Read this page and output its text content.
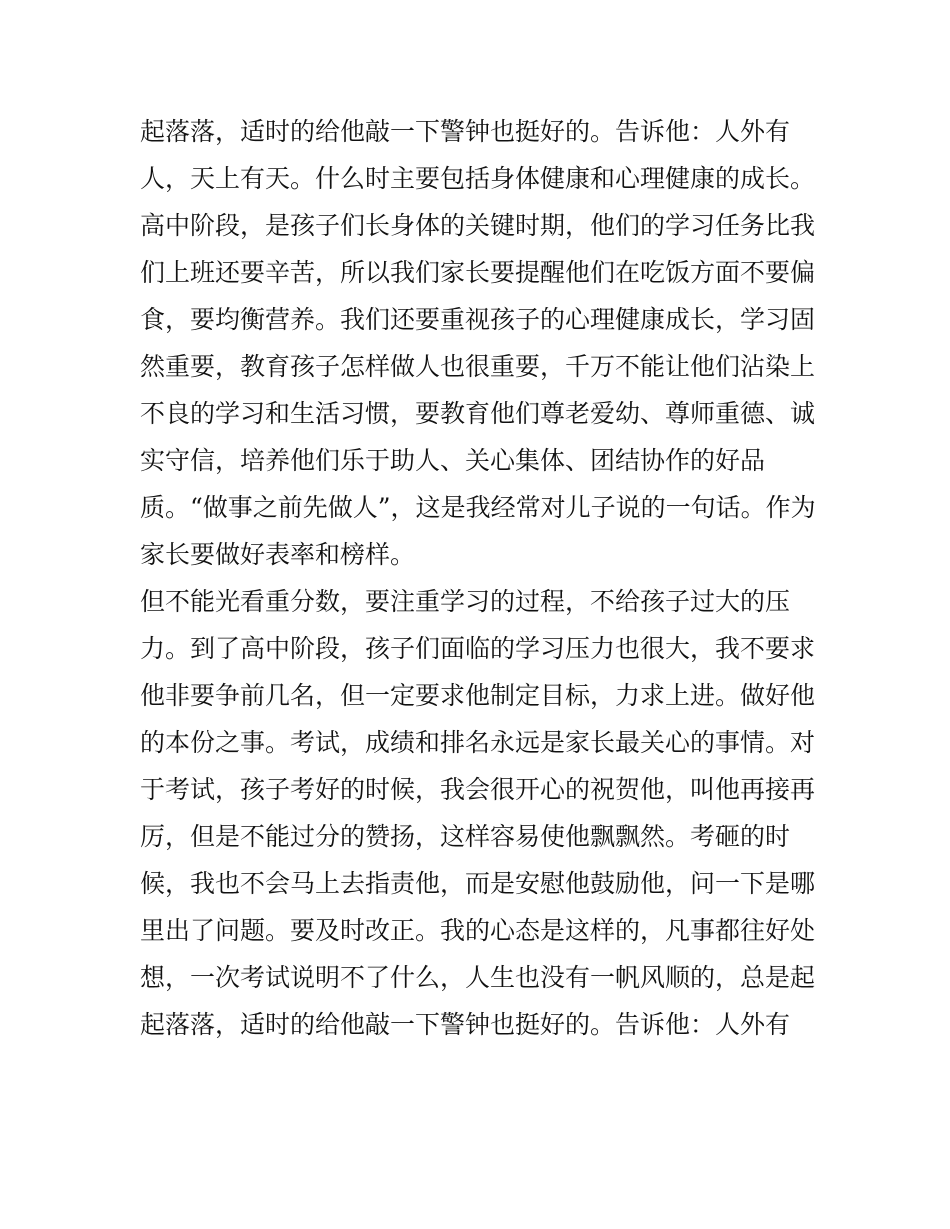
起落落，适时的给他敲一下警钟也挺好的。告诉他：人外有
人，天上有天。什么时主要包括身体健康和心理健康的成长。
高中阶段，是孩子们长身体的关键时期，他们的学习任务比我
们上班还要辛苦，所以我们家长要提醒他们在吃饭方面不要偏
食，要均衡营养。我们还要重视孩子的心理健康成长，学习固
然重要，教育孩子怎样做人也很重要，千万不能让他们沾染上
不良的学习和生活习惯，要教育他们尊老爱幼、尊师重德、诚
实守信，培养他们乐于助人、关心集体、团结协作的好品
质。“做事之前先做人”，这是我经常对儿子说的一句话。作为
家长要做好表率和榜样。
但不能光看重分数，要注重学习的过程，不给孩子过大的压
力。到了高中阶段，孩子们面临的学习压力也很大，我不要求
他非要争前几名，但一定要求他制定目标，力求上进。做好他
的本份之事。考试，成绩和排名永远是家长最关心的事情。对
于考试，孩子考好的时候，我会很开心的祝贺他，叫他再接再
厉，但是不能过分的赞扬，这样容易使他飘飘然。考砸的时
候，我也不会马上去指责他，而是安慰他鼓励他，问一下是哪
里出了问题。要及时改正。我的心态是这样的，凡事都往好处
想，一次考试说明不了什么，人生也没有一帆风顺的，总是起
起落落，适时的给他敲一下警钟也挺好的。告诉他：人外有
